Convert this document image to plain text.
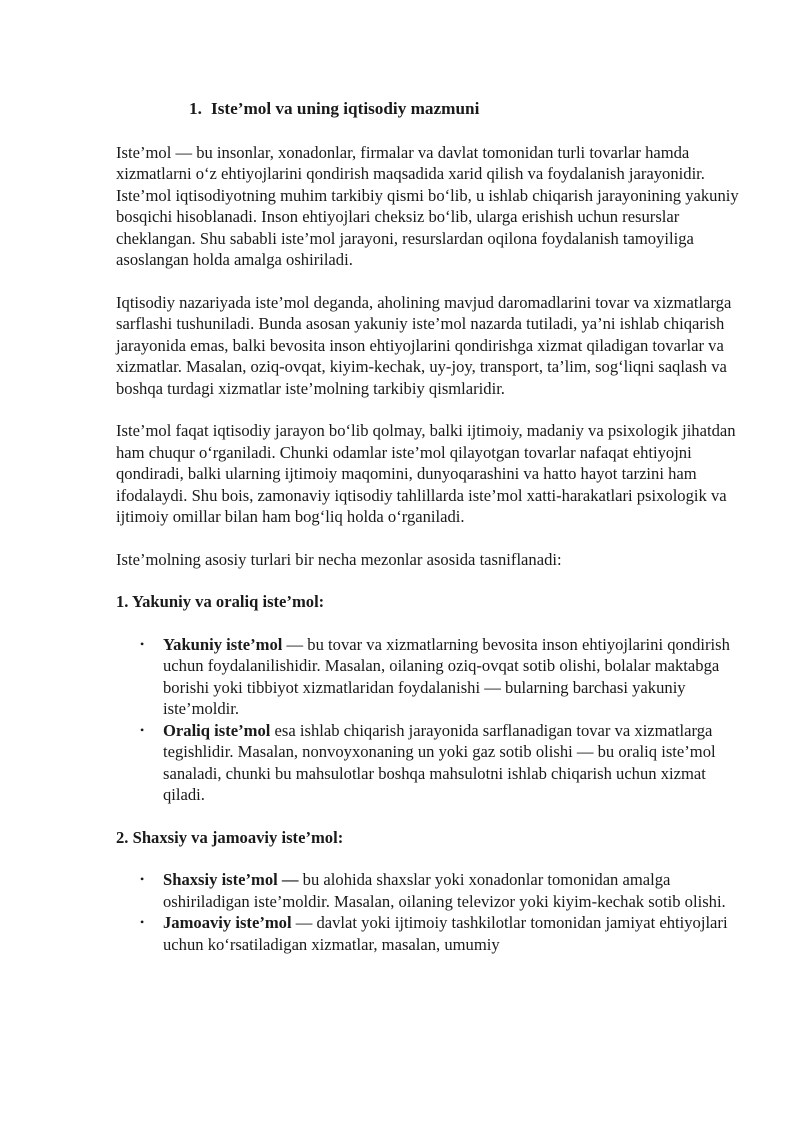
1. Iste’mol va uning iqtisodiy mazmuni

Iste’mol — bu insonlar, xonadonlar, firmalar va davlat tomonidan turli tovarlar hamda xizmatlarni o‘z ehtiyojlarini qondirish maqsadida xarid qilish va foydalanish jarayonidir. Iste’mol iqtisodiyotning muhim tarkibiy qismi bo‘lib, u ishlab chiqarish jarayonining yakuniy bosqichi hisoblanadi. Inson ehtiyojlari cheksiz bo‘lib, ularga erishish uchun resurslar cheklangan. Shu sababli iste’mol jarayoni, resurslardan oqilona foydalanish tamoyiliga asoslangan holda amalga oshiriladi.

Iqtisodiy nazariyada iste’mol deganda, aholining mavjud daromadlarini tovar va xizmatlarga sarflashi tushuniladi. Bunda asosan yakuniy iste’mol nazarda tutiladi, ya’ni ishlab chiqarish jarayonida emas, balki bevosita inson ehtiyojlarini qondirishga xizmat qiladigan tovarlar va xizmatlar. Masalan, oziq-ovqat, kiyim-kechak, uy-joy, transport, ta’lim, sog‘liqni saqlash va boshqa turdagi xizmatlar iste’molning tarkibiy qismlaridir.

Iste’mol faqat iqtisodiy jarayon bo‘lib qolmay, balki ijtimoiy, madaniy va psixologik jihatdan ham chuqur o‘rganiladi. Chunki odamlar iste’mol qilayotgan tovarlar nafaqat ehtiyojni qondiradi, balki ularning ijtimoiy maqomini, dunyoqarashini va hatto hayot tarzini ham ifodalaydi. Shu bois, zamonaviy iqtisodiy tahlillarda iste’mol xatti-harakatlari psixologik va ijtimoiy omillar bilan ham bog‘liq holda o‘rganiladi.

Iste’molning asosiy turlari bir necha mezonlar asosida tasniflanadi:

1. Yakuniy va oraliq iste’mol:
• Yakuniy iste’mol — bu tovar va xizmatlarning bevosita inson ehtiyojlarini qondirish uchun foydalanilishidir. Masalan, oilaning oziq-ovqat sotib olishi, bolalar maktabga borishi yoki tibbiyot xizmatlaridan foydalanishi — bularning barchasi yakuniy iste’moldir.
• Oraliq iste’mol esa ishlab chiqarish jarayonida sarflanadigan tovar va xizmatlarga tegishlidir. Masalan, nonvoyxonaning un yoki gaz sotib olishi — bu oraliq iste’mol sanaladi, chunki bu mahsulotlar boshqa mahsulotni ishlab chiqarish uchun xizmat qiladi.
2. Shaxsiy va jamoaviy iste’mol:
• Shaxsiy iste’mol — bu alohida shaxslar yoki xonadonlar tomonidan amalga oshiriladigan iste’moldir. Masalan, oilaning televizor yoki kiyim-kechak sotib olishi.
• Jamoaviy iste’mol — davlat yoki ijtimoiy tashkilotlar tomonidan jamiyat ehtiyojlari uchun ko‘rsatiladigan xizmatlar, masalan, umumiy
